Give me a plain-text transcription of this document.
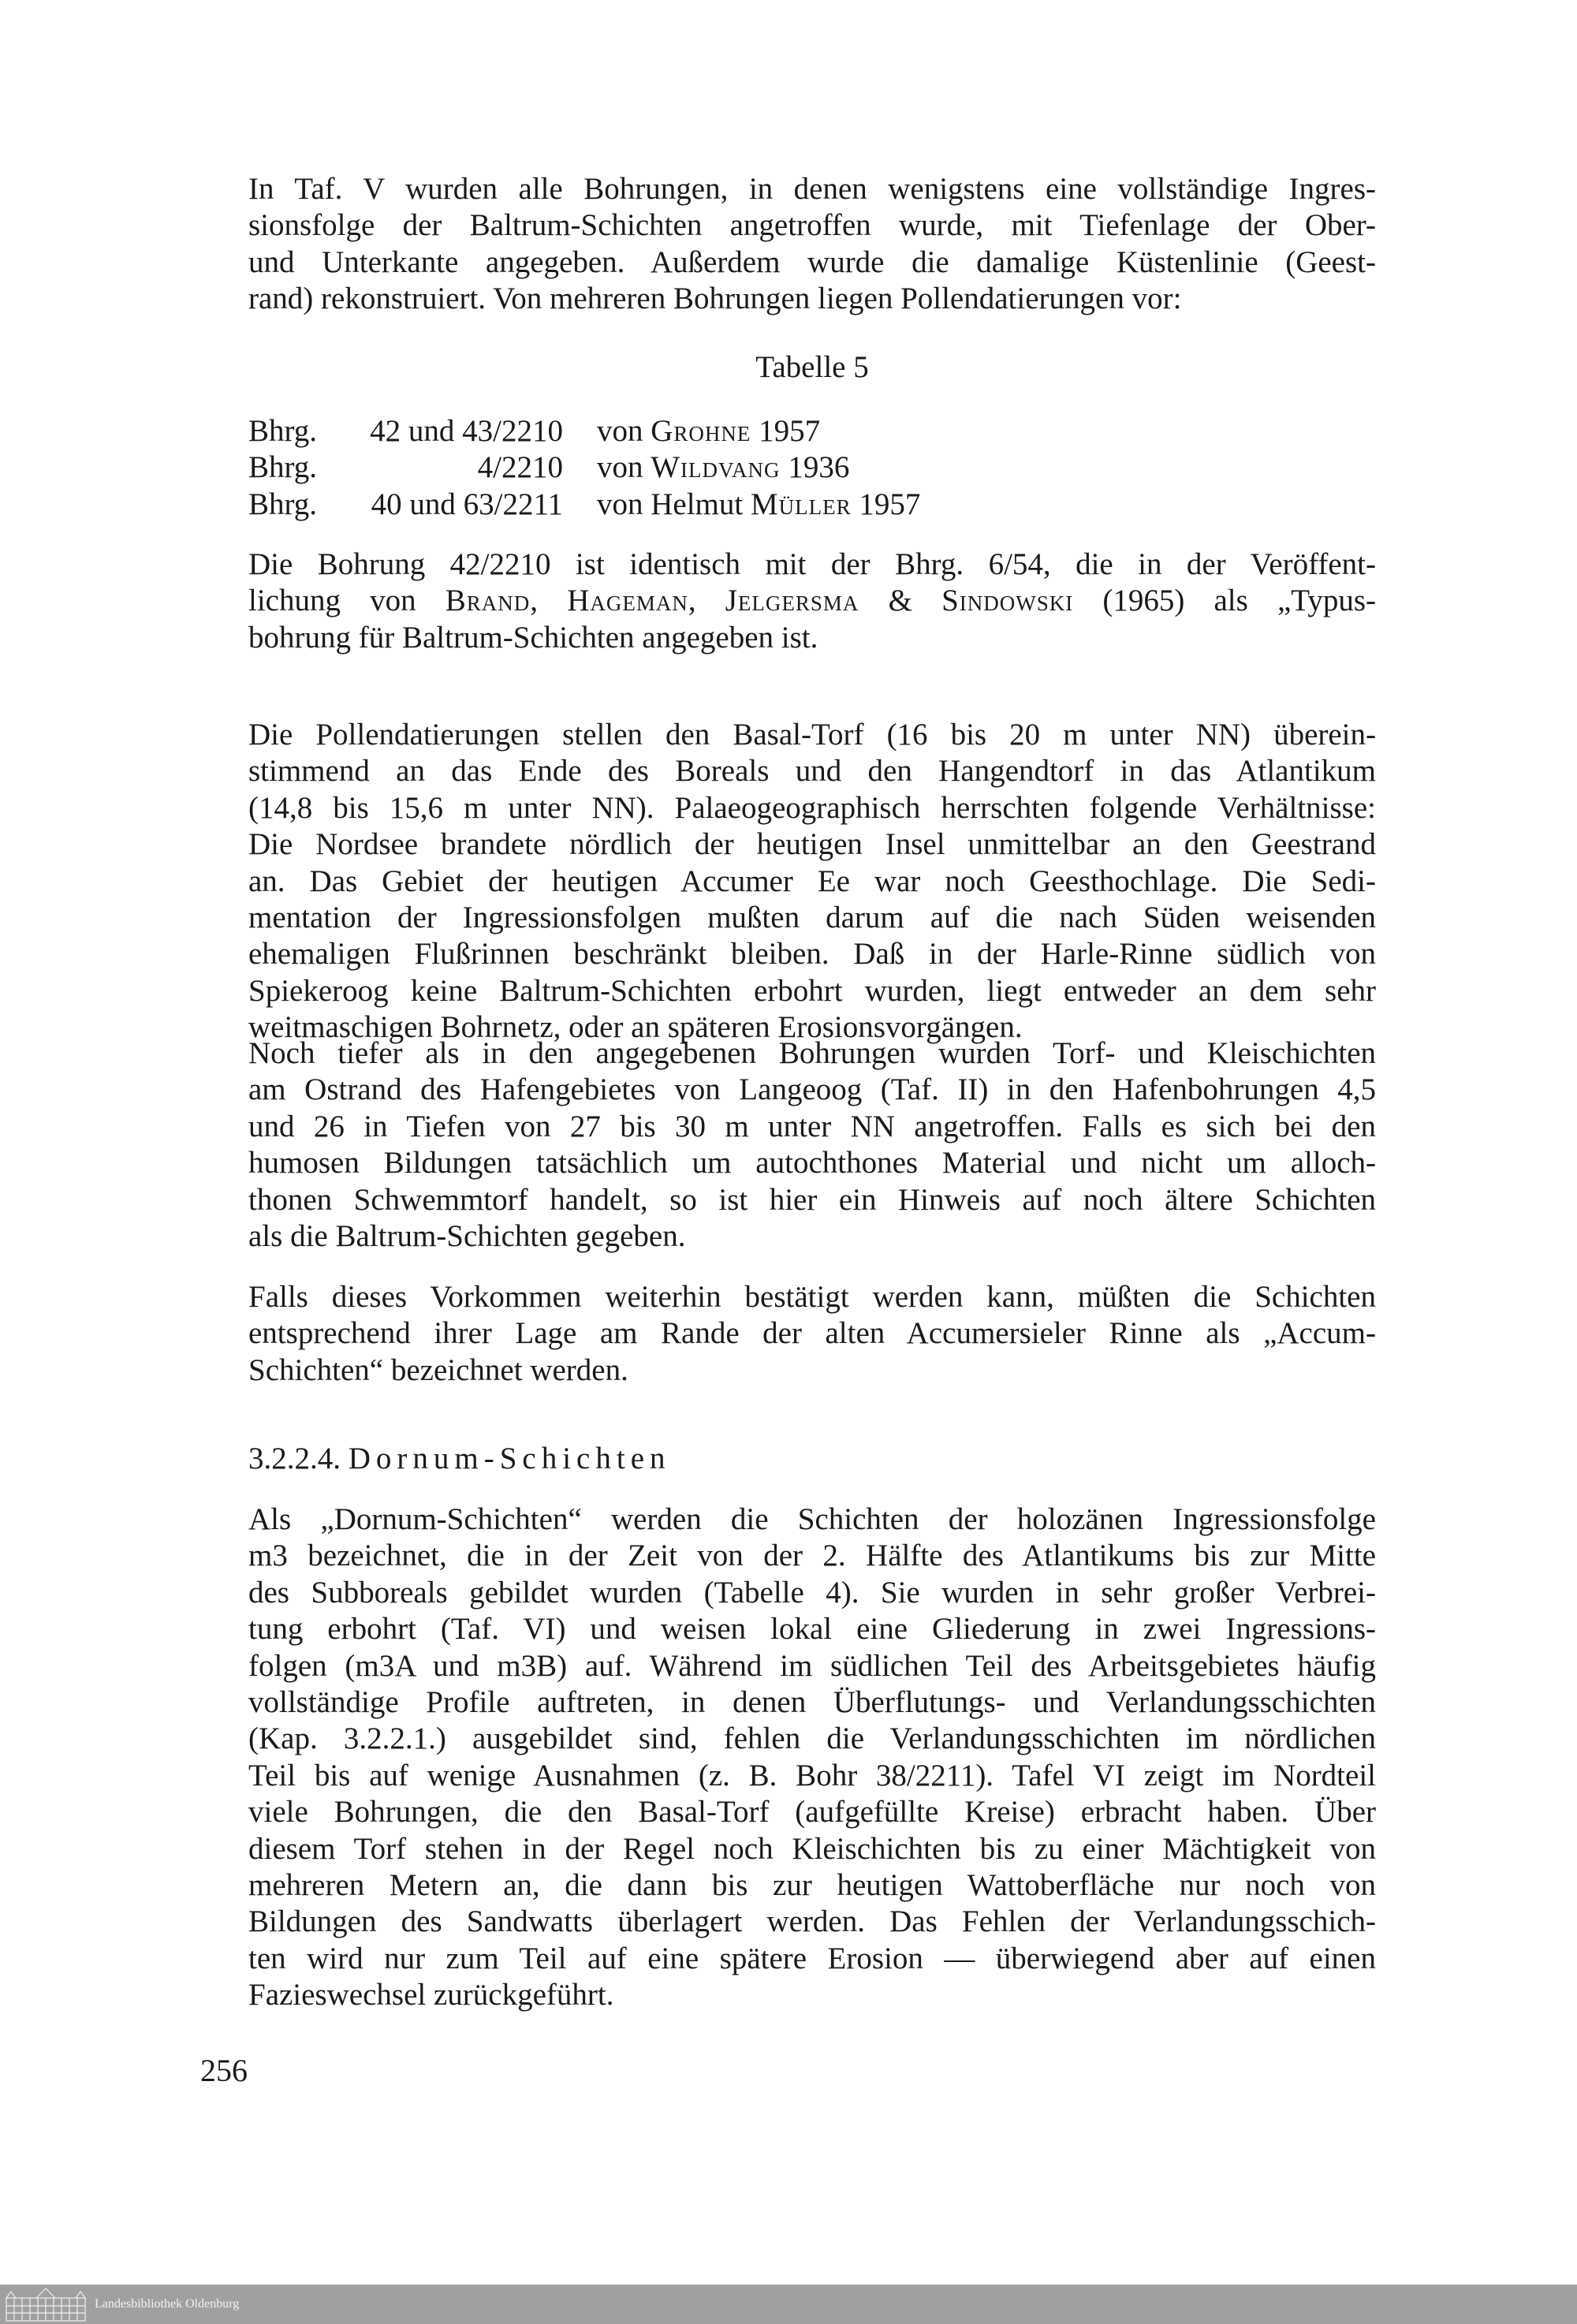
In Taf. V wurden alle Bohrungen, in denen wenigstens eine vollständige Ingres-
sionsfolge der Baltrum-Schichten angetroffen wurde, mit Tiefenlage der Ober-
und Unterkante angegeben. Außerdem wurde die damalige Küstenlinie (Geest-
rand) rekonstruiert. Von mehreren Bohrungen liegen Pollendatierungen vor:
Tabelle 5
Bhrg. 42 und 43/2210 von Grohne 1957
Bhrg.	4/2210 von Wildvang 1936
Bhrg. 40 und 63/2211 von Helmut Müller 1957
Die Bohrung 42/2210 ist identisch mit der Bhrg. 6/54, die in der Veröffent-
lichung von Brand, Hageman, Jelgersma & Sindowski (1965) als „Typus-
bohrung für Baltrum-Schichten angegeben ist.
Die Pollendatierungen stellen den Basal-Torf (16 bis 20 m unter NN) überein-
stimmend an das Ende des Boreals und den Hangendtorf in das Atlantikum
(14,8 bis 15,6 m unter NN). Palaeogeographisch herrschten folgende Verhältnisse:
Die Nordsee brandete nördlich der heutigen Insel unmittelbar an den Geestrand
an. Das Gebiet der heutigen Accumer Ee war noch Geesthochlage. Die Sedi-
mentation der Ingressionsfolgen mußten darum auf die nach Süden weisenden
ehemaligen Flußrinnen beschränkt bleiben. Daß in der Harle-Rinne südlich von
Spiekeroog keine Baltrum-Schichten erbohrt wurden, liegt entweder an dem sehr
weitmaschigen Bohrnetz, oder an späteren Erosionsvorgängen.
Noch tiefer als in den angegebenen Bohrungen wurden Torf- und Kleischichten
am Ostrand des Hafengebietes von Langeoog (Taf. II) in den Hafenbohrungen 4,5
und 26 in Tiefen von 27 bis 30 m unter NN angetroffen. Falls es sich bei den
humosen Bildungen tatsächlich um autochthones Material und nicht um alloch-
thonen Schwemmtorf handelt, so ist hier ein Hinweis auf noch ältere Schichten
als die Baltrum-Schichten gegeben.
Falls dieses Vorkommen weiterhin bestätigt werden kann, müßten die Schichten
entsprechend ihrer Lage am Rande der alten Accumersieler Rinne als „Accum-
Schichten“ bezeichnet werden.
3.2.2.4. Dornum-Schichten
Als „Dornum-Schichten“ werden die Schichten der holozänen Ingressionsfolge
m3 bezeichnet, die in der Zeit von der 2. Hälfte des Atlantikums bis zur Mitte
des Subboreals gebildet wurden (Tabelle 4). Sie wurden in sehr großer Verbrei-
tung erbohrt (Taf. VI) und weisen lokal eine Gliederung in zwei Ingressions-
folgen (m3A und m3B) auf. Während im südlichen Teil des Arbeitsgebietes häufig
vollständige Profile auftreten, in denen Überflutungs- und Verlandungsschichten
(Kap. 3.2.2.1.) ausgebildet sind, fehlen die Verlandungsschichten im nördlichen
Teil bis auf wenige Ausnahmen (z. B. Bohr 38/2211). Tafel VI zeigt im Nordteil
viele Bohrungen, die den Basal-Torf (aufgefüllte Kreise) erbracht haben. Über
diesem Torf stehen in der Regel noch Kleischichten bis zu einer Mächtigkeit von
mehreren Metern an, die dann bis zur heutigen Wattoberfläche nur noch von
Bildungen des Sandwatts überlagert werden. Das Fehlen der Verlandungsschich-
ten wird nur zum Teil auf eine spätere Erosion — überwiegend aber auf einen
Fazieswechsel zurückgeführt.
256
Landesbibliothek Oldenburg
